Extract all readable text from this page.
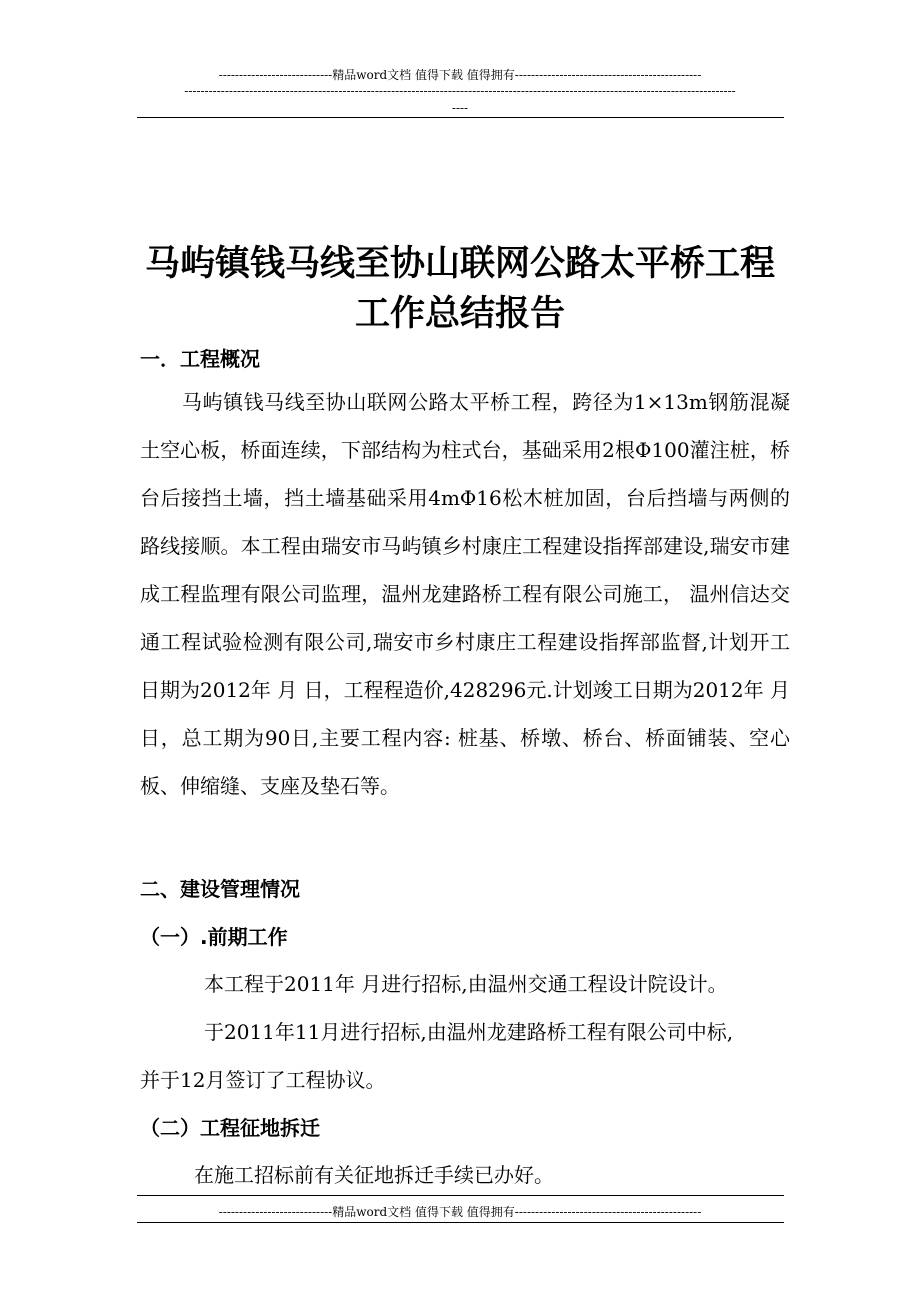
----------------------------精品word文档 值得下载 值得拥有----------------------------------------------
----------------------------------------------------------------------------------------------------------------------------------------
----
马屿镇钱马线至协山联网公路太平桥工程
工作总结报告
一．工程概况

马屿镇钱马线至协山联网公路太平桥工程，跨径为1×13m钢筋混凝土空心板，桥面连续，下部结构为柱式台，基础采用2根Φ100灌注桩，桥台后接挡土墙，挡土墙基础采用4mΦ16松木桩加固，台后挡墙与两侧的路线接顺。本工程由瑞安市马屿镇乡村康庄工程建设指挥部建设,瑞安市建成工程监理有限公司监理，温州龙建路桥工程有限公司施工， 温州信达交通工程试验检测有限公司,瑞安市乡村康庄工程建设指挥部监督,计划开工日期为2012年 月 日，工程程造价,428296元.计划竣工日期为2012年 月 日，总工期为90日,主要工程内容: 桩基、桥墩、桥台、桥面铺装、空心板、伸缩缝、支座及垫石等。

二、建设管理情况
（一）.前期工作
本工程于2011年 月进行招标,由温州交通工程设计院设计。
于2011年11月进行招标,由温州龙建路桥工程有限公司中标,
并于12月签订了工程协议。
（二）工程征地拆迁
在施工招标前有关征地拆迁手续已办好。
----------------------------精品word文档 值得下载 值得拥有----------------------------------------------
